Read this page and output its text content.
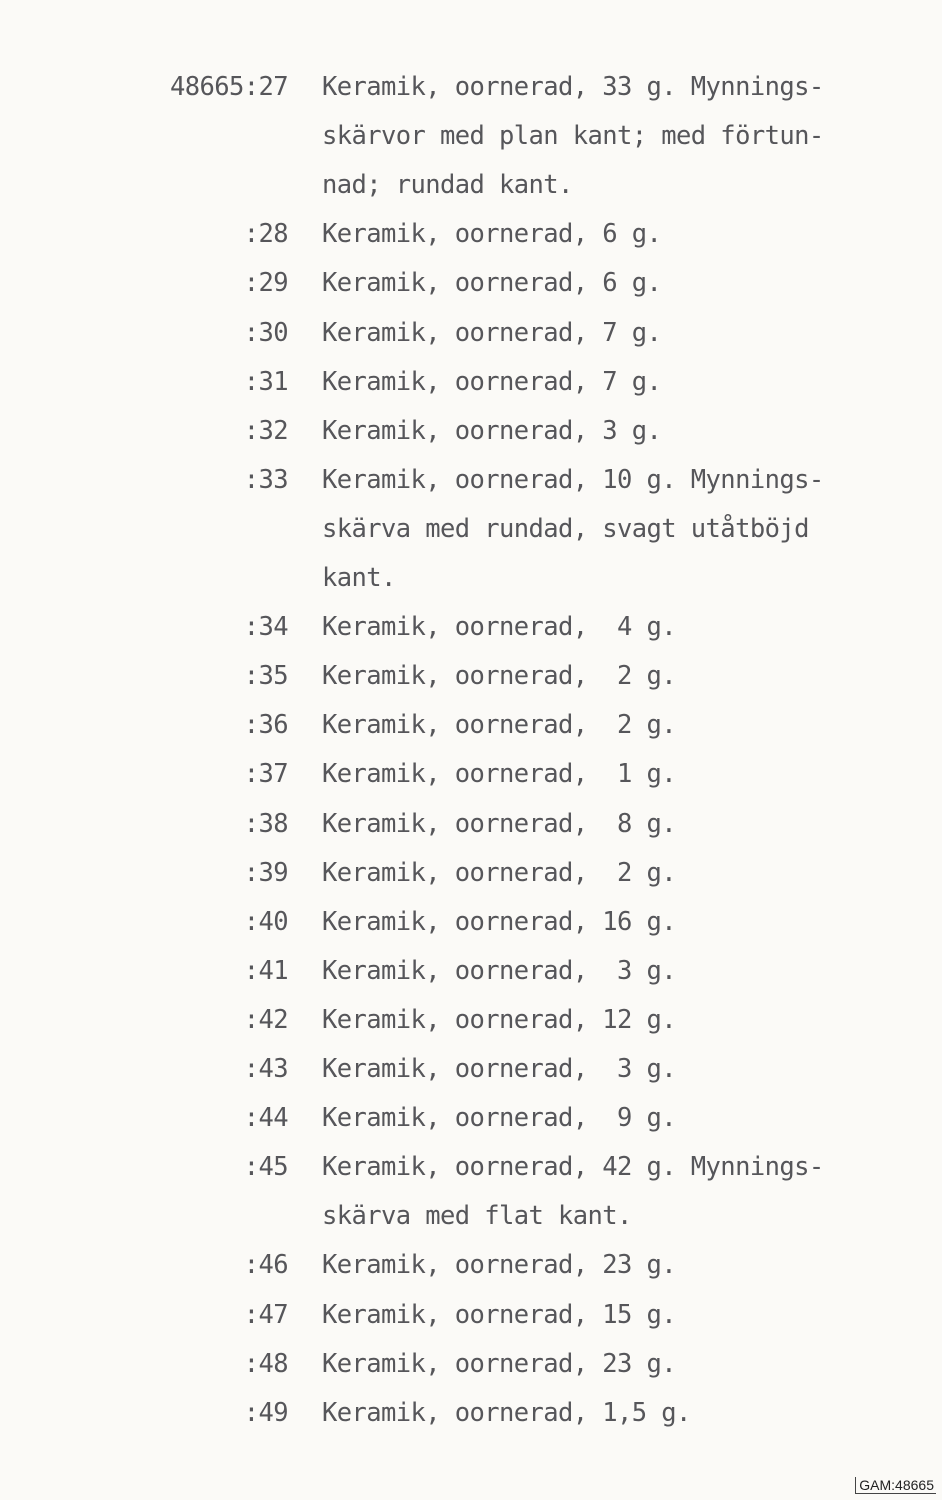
48665:27 Keramik, oornerad, 33 g. Mynnings-
skärvor med plan kant; med förtun-
nad; rundad kant.
:28 Keramik, oornerad, 6 g.
:29 Keramik, oornerad, 6 g.
:30 Keramik, oornerad, 7 g.
:31 Keramik, oornerad, 7 g.
:32 Keramik, oornerad, 3 g.
:33 Keramik, oornerad, 10 g. Mynnings-
skärva med rundad, svagt utåtböjd
kant.
:34 Keramik, oornerad,  4 g.
:35 Keramik, oornerad,  2 g.
:36 Keramik, oornerad,  2 g.
:37 Keramik, oornerad,  1 g.
:38 Keramik, oornerad,  8 g.
:39 Keramik, oornerad,  2 g.
:40 Keramik, oornerad, 16 g.
:41 Keramik, oornerad,  3 g.
:42 Keramik, oornerad, 12 g.
:43 Keramik, oornerad,  3 g.
:44 Keramik, oornerad,  9 g.
:45 Keramik, oornerad, 42 g. Mynnings-
skärva med flat kant.
:46 Keramik, oornerad, 23 g.
:47 Keramik, oornerad, 15 g.
:48 Keramik, oornerad, 23 g.
:49 Keramik, oornerad, 1,5 g.
GAM:48665
